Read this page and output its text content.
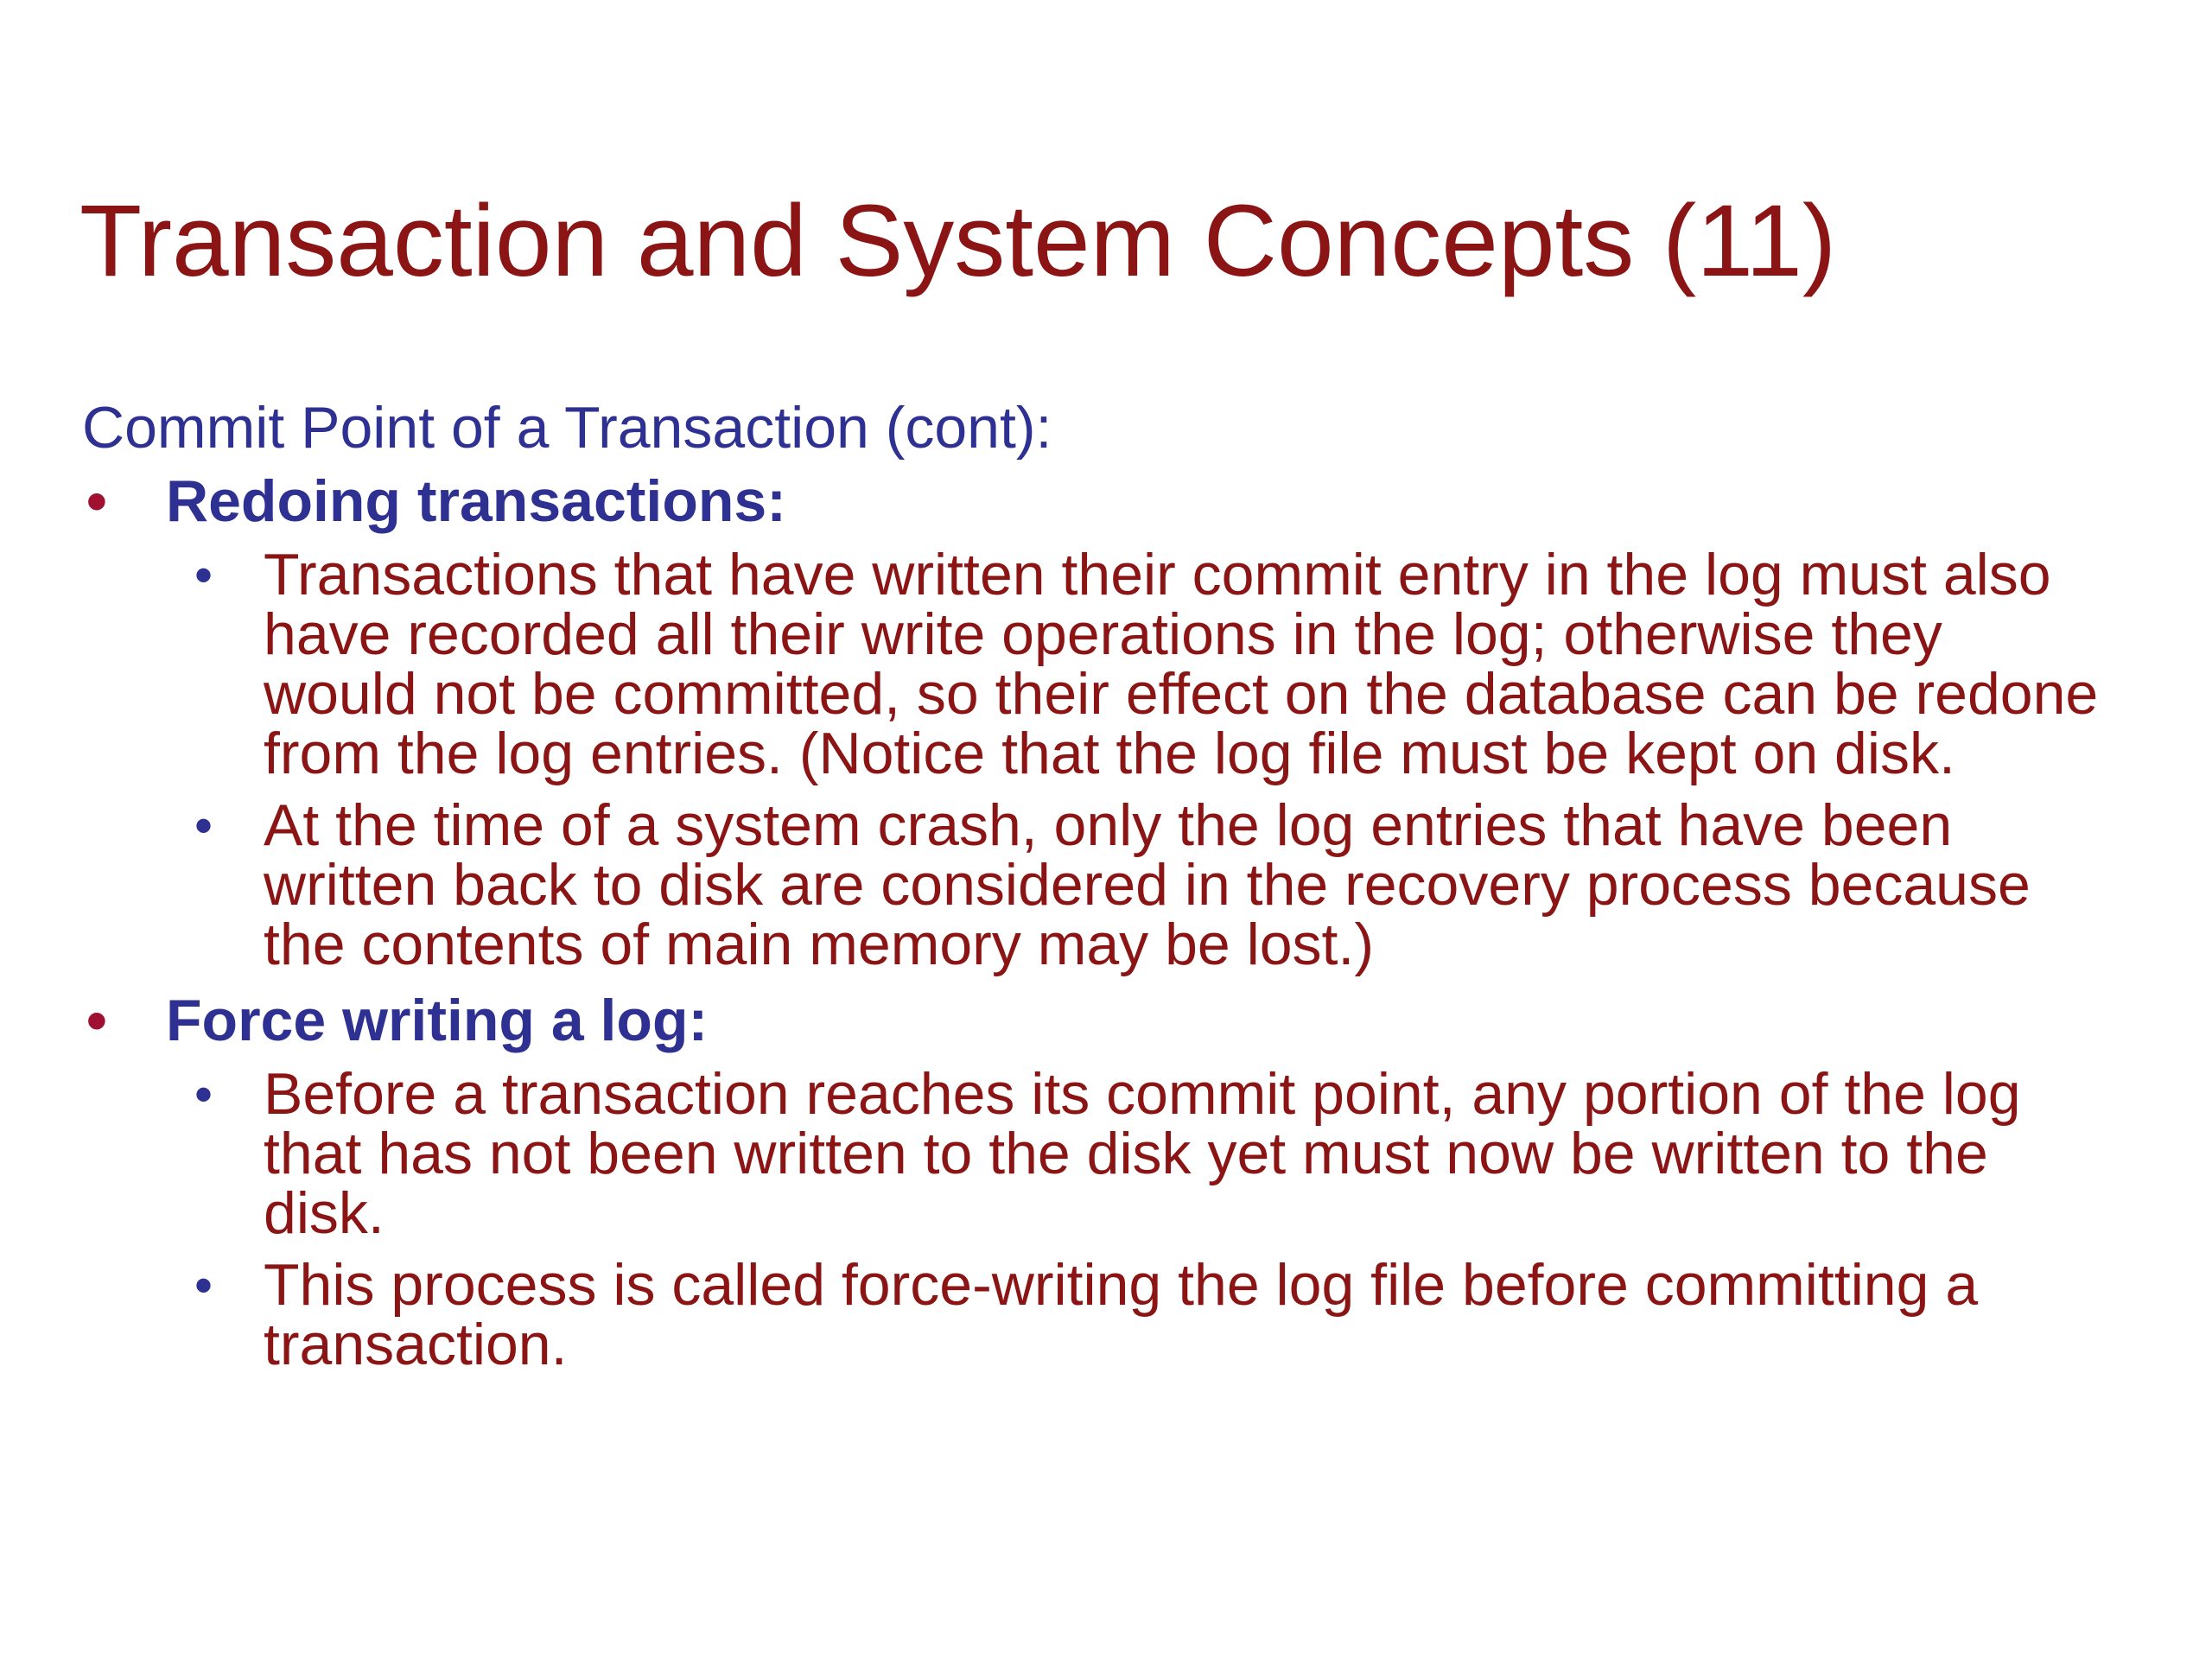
Transaction and System Concepts (11)

Commit Point of a Transaction (cont):

• Redoing transactions:
• Transactions that have written their commit entry in the log must also have recorded all their write operations in the log; otherwise they would not be committed, so their effect on the database can be redone from the log entries. (Notice that the log file must be kept on disk.
• At the time of a system crash, only the log entries that have been written back to disk are considered in the recovery process because the contents of main memory may be lost.)
• Force writing a log:
• Before a transaction reaches its commit point, any portion of the log that has not been written to the disk yet must now be written to the disk.
• This process is called force-writing the log file before committing a transaction.
